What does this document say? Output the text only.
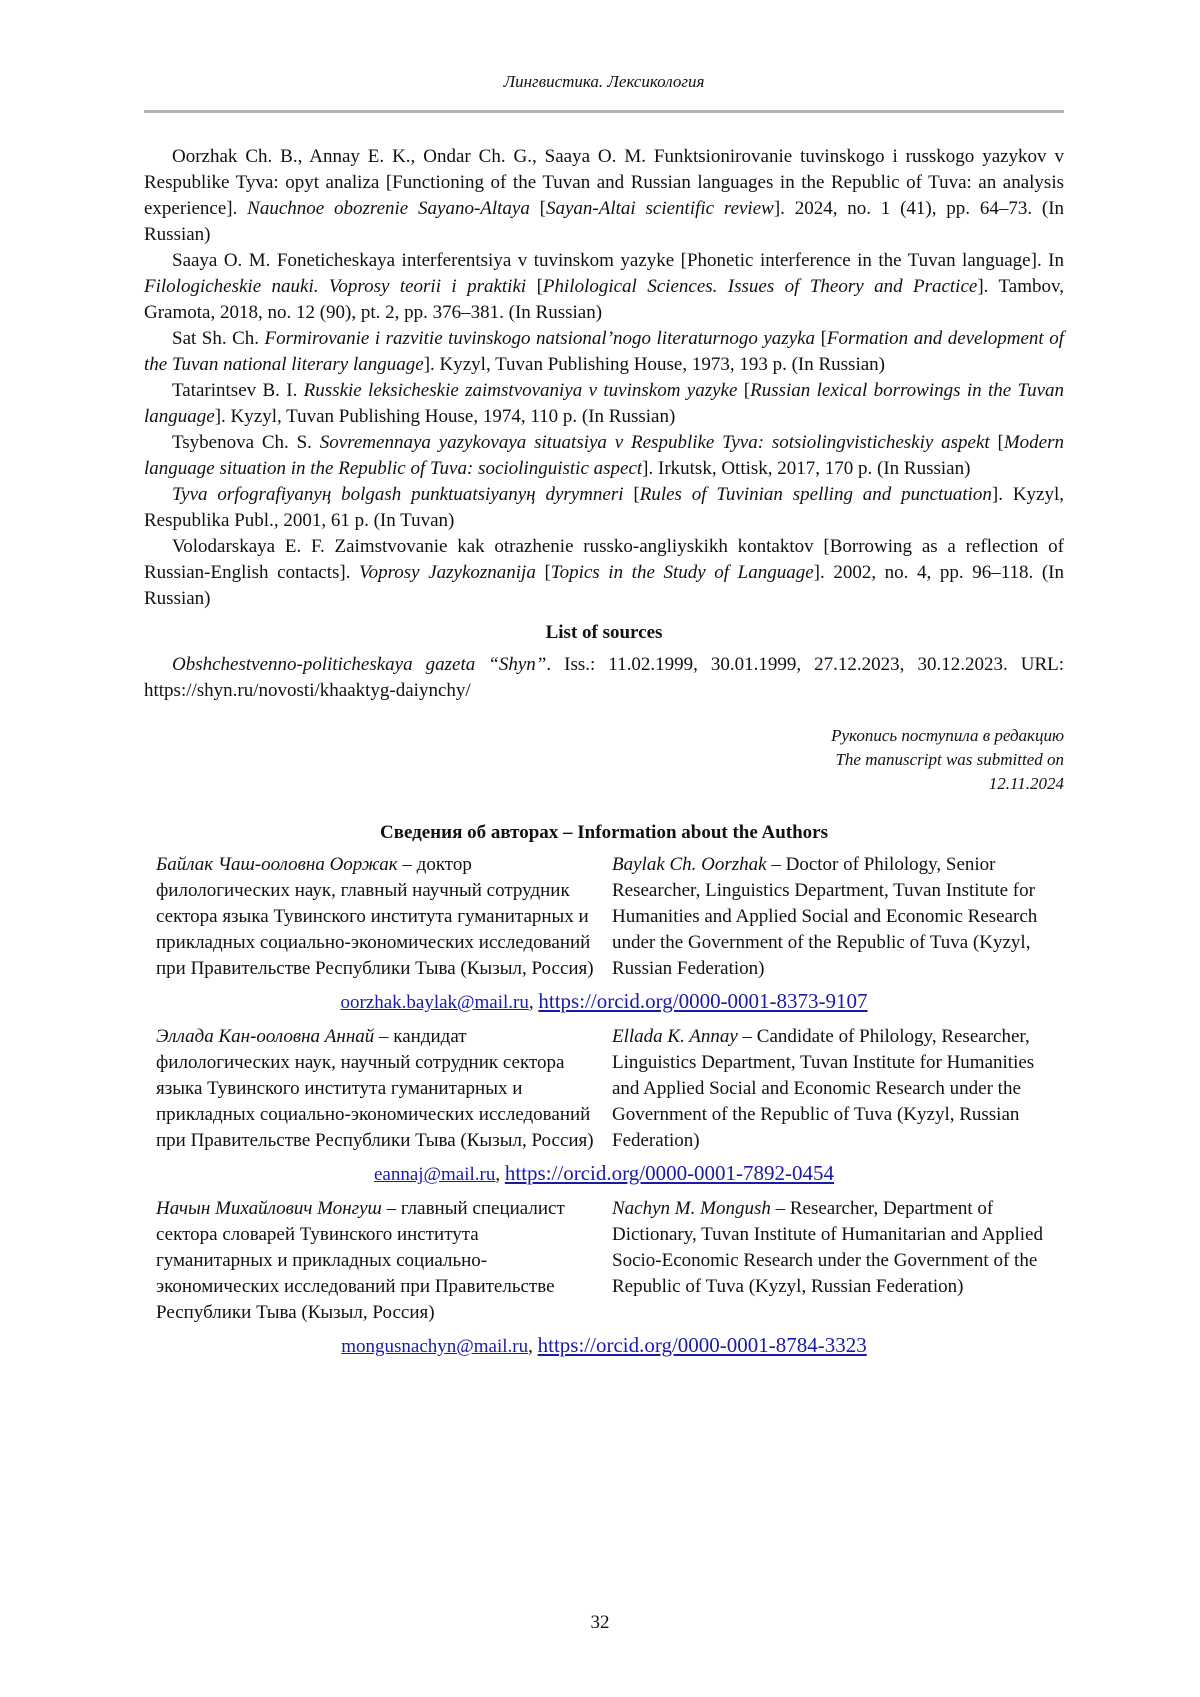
Лингвистика. Лексикология

Oorzhak Ch. B., Annay E. K., Ondar Ch. G., Saaya O. M. Funktsionirovanie tuvinskogo i russkogo yazykov v Respublike Tyva: opyt analiza [Functioning of the Tuvan and Russian languages in the Republic of Tuva: an analysis experience]. Nauchnoe obozrenie Sayano-Altaya [Sayan-Altai scientific review]. 2024, no. 1 (41), pp. 64–73. (In Russian)

Saaya O. M. Foneticheskaya interferentsiya v tuvinskom yazyke [Phonetic interference in the Tuvan language]. In Filologicheskie nauki. Voprosy teorii i praktiki [Philological Sciences. Issues of Theory and Practice]. Tambov, Gramota, 2018, no. 12 (90), pt. 2, pp. 376–381. (In Russian)

Sat Sh. Ch. Formirovanie i razvitie tuvinskogo natsional’nogo literaturnogo yazyka [Formation and development of the Tuvan national literary language]. Kyzyl, Tuvan Publishing House, 1973, 193 p. (In Russian)

Tatarintsev B. I. Russkie leksicheskie zaimstvovaniya v tuvinskom yazyke [Russian lexical borrowings in the Tuvan language]. Kyzyl, Tuvan Publishing House, 1974, 110 p. (In Russian)

Tsybenova Ch. S. Sovremennaya yazykovaya situatsiya v Respublike Tyva: sotsiolingvisticheskiy aspekt [Modern language situation in the Republic of Tuva: sociolinguistic aspect]. Irkutsk, Ottisk, 2017, 170 p. (In Russian)

Tyva orfografiyanyӊ bolgash punktuatsiyanyӊ dyrymneri [Rules of Tuvinian spelling and punctuation]. Kyzyl, Respublika Publ., 2001, 61 p. (In Tuvan)

Volodarskaya E. F. Zaimstvovanie kak otrazhenie russko-angliyskikh kontaktov [Borrowing as a reflection of Russian-English contacts]. Voprosy Jazykoznanija [Topics in the Study of Language]. 2002, no. 4, pp. 96–118. (In Russian)

List of sources

Obshchestvenno-politicheskaya gazeta “Shyn”. Iss.: 11.02.1999, 30.01.1999, 27.12.2023, 30.12.2023. URL: https://shyn.ru/novosti/khaaktyg-daiynchy/

Рукопись поступила в редакцию
The manuscript was submitted on
12.11.2024
Сведения об авторах – Information about the Authors
Байлак Чаш-ооловна Ооржак – доктор филологических наук, главный научный сотрудник сектора языка Тувинского института гуманитарных и прикладных социально-экономических исследований при Правительстве Республики Тыва (Кызыл, Россия)
Baylak Ch. Oorzhak – Doctor of Philology, Senior Researcher, Linguistics Department, Tuvan Institute for Humanities and Applied Social and Economic Research under the Government of the Republic of Tuva (Kyzyl, Russian Federation)
oorzhak.baylak@mail.ru, https://orcid.org/0000-0001-8373-9107
Эллада Кан-ооловна Аннай – кандидат филологических наук, научный сотрудник сектора языка Тувинского института гуманитарных и прикладных социально-экономических исследований при Правительстве Республики Тыва (Кызыл, Россия)
Ellada K. Annay – Candidate of Philology, Researcher, Linguistics Department, Tuvan Institute for Humanities and Applied Social and Economic Research under the Government of the Republic of Tuva (Kyzyl, Russian Federation)
eannaj@mail.ru, https://orcid.org/0000-0001-7892-0454
Начын Михайлович Монгуш – главный специалист сектора словарей Тувинского института гуманитарных и прикладных социально-экономических исследований при Правительстве Республики Тыва (Кызыл, Россия)
Nachyn M. Mongush – Researcher, Department of Dictionary, Tuvan Institute of Humanitarian and Applied Socio-Economic Research under the Government of the Republic of Tuva (Kyzyl, Russian Federation)
mongusnachyn@mail.ru, https://orcid.org/0000-0001-8784-3323
32
